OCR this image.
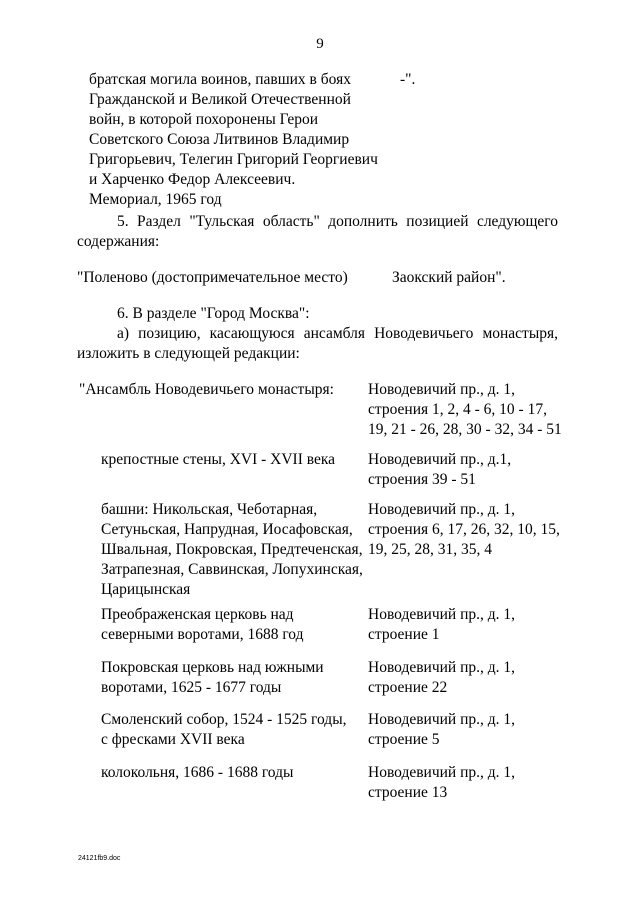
9
братская могила воинов, павших в боях
Гражданской и Великой Отечественной
войн, в которой похоронены Герои
Советского Союза Литвинов Владимир
Григорьевич, Телегин Григорий Георгиевич
и Харченко Федор Алексеевич.
Мемориал, 1965 год
-".
5. Раздел "Тульская область" дополнить позицией следующего
содержания:
"Поленово (достопримечательное место)	Заокский район".
6. В разделе "Город Москва":
а) позицию, касающуюся ансамбля Новодевичьего монастыря,
изложить в следующей редакции:
"Ансамбль Новодевичьего монастыря: Новодевичий пр., д. 1,
строения 1, 2, 4 - 6, 10 - 17,
19, 21 - 26, 28, 30 - 32, 34 - 51
крепостные стены, XVI - XVII века Новодевичий пр., д.1,
строения 39 - 51
башни: Никольская, Чеботарная,
Сетуньская, Напрудная, Иосафовская,
Швальная, Покровская, Предтеченская,
Затрапезная, Саввинская, Лопухинская,
Царицынская
Новодевичий пр., д. 1,
строения 6, 17, 26, 32, 10, 15,
19, 25, 28, 31, 35, 4
Преображенская церковь над
северными воротами, 1688 год
Новодевичий пр., д. 1,
строение 1
Покровская церковь над южными
воротами, 1625 - 1677 годы
Новодевичий пр., д. 1,
строение 22
Смоленский собор, 1524 - 1525 годы,
с фресками XVII века
Новодевичий пр., д. 1,
строение 5
колокольня, 1686 - 1688 годы	Новодевичий пр., д. 1,
строение 13
24121fb9.doc
